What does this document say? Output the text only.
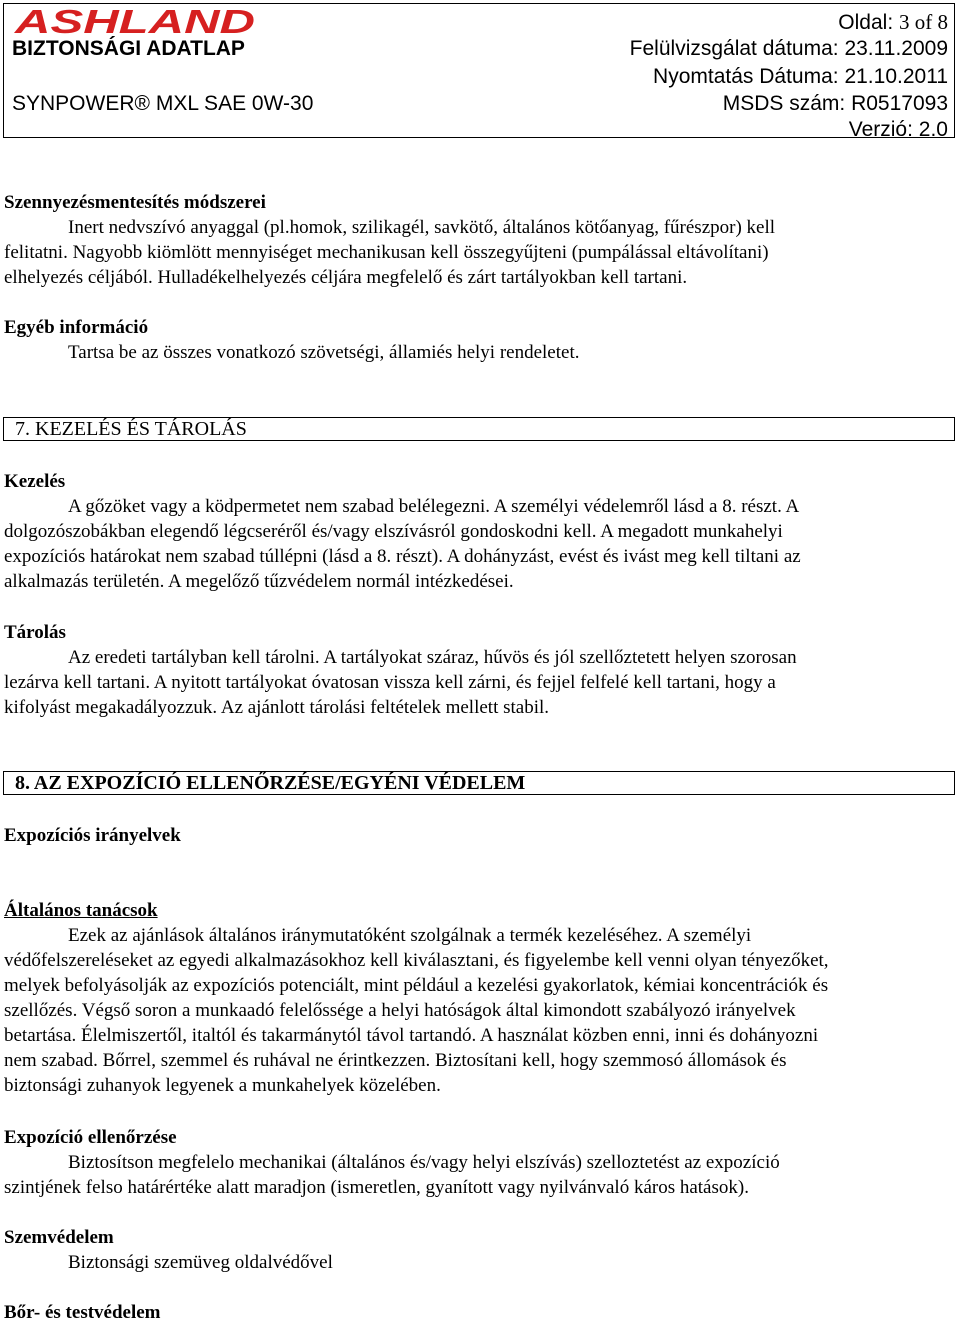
ASHLAND
BIZTONSÁGI ADATLAP
SYNPOWER® MXL SAE 0W-30
Oldal: 3 of 8
Felülvizsgálat dátuma: 23.11.2009
Nyomtatás Dátuma: 21.10.2011
MSDS szám: R0517093
Verzió: 2.0
Szennyezésmentesítés módszerei
Inert nedvszívó anyaggal (pl.homok, szilikagél, savkötő, általános kötőanyag, fűrészpor) kell
felitatni. Nagyobb kiömlött mennyiséget mechanikusan kell összegyűjteni (pumpálással eltávolítani)
elhelyezés céljából. Hulladékelhelyezés céljára megfelelő és zárt tartályokban kell tartani.
Egyéb információ
Tartsa be az összes vonatkozó szövetségi, államiés helyi rendeletet.
7. KEZELÉS ÉS TÁROLÁS
Kezelés
A gőzöket vagy a ködpermetet nem szabad belélegezni. A személyi védelemről lásd a 8. részt. A
dolgozószobákban elegendő légcseréről és/vagy elszívásról gondoskodni kell. A megadott munkahelyi
expozíciós határokat nem szabad túllépni (lásd a 8. részt). A dohányzást, evést és ivást meg kell tiltani az
alkalmazás területén. A megelőző tűzvédelem normál intézkedései.
Tárolás
Az eredeti tartályban kell tárolni. A tartályokat száraz, hűvös és jól szellőztetett helyen szorosan
lezárva kell tartani. A nyitott tartályokat óvatosan vissza kell zárni, és fejjel felfelé kell tartani, hogy a
kifolyást megakadályozzuk. Az ajánlott tárolási feltételek mellett stabil.
8. AZ EXPOZÍCIÓ ELLENŐRZÉSE/EGYÉNI VÉDELEM
Expozíciós irányelvek
Általános tanácsok
Ezek az ajánlások általános iránymutatóként szolgálnak a termék kezeléséhez. A személyi
védőfelszereléseket az egyedi alkalmazásokhoz kell kiválasztani, és figyelembe kell venni olyan tényezőket,
melyek befolyásolják az expozíciós potenciált, mint például a kezelési gyakorlatok, kémiai koncentrációk és
szellőzés. Végső soron a munkaadó felelőssége a helyi hatóságok által kimondott szabályozó irányelvek
betartása. Élelmiszertől, italtól és takarmánytól távol tartandó. A használat közben enni, inni és dohányozni
nem szabad. Bőrrel, szemmel és ruhával ne érintkezzen. Biztosítani kell, hogy szemmosó állomások és
biztonsági zuhanyok legyenek a munkahelyek közelében.
Expozíció ellenőrzése
Biztosítson megfelelo mechanikai (általános és/vagy helyi elszívás) szelloztetést az expozíció
szintjének felso határértéke alatt maradjon (ismeretlen, gyanított vagy nyilvánvaló káros hatások).
Szemvédelem
Biztonsági szemüveg oldalvédővel
Bőr- és testvédelem
